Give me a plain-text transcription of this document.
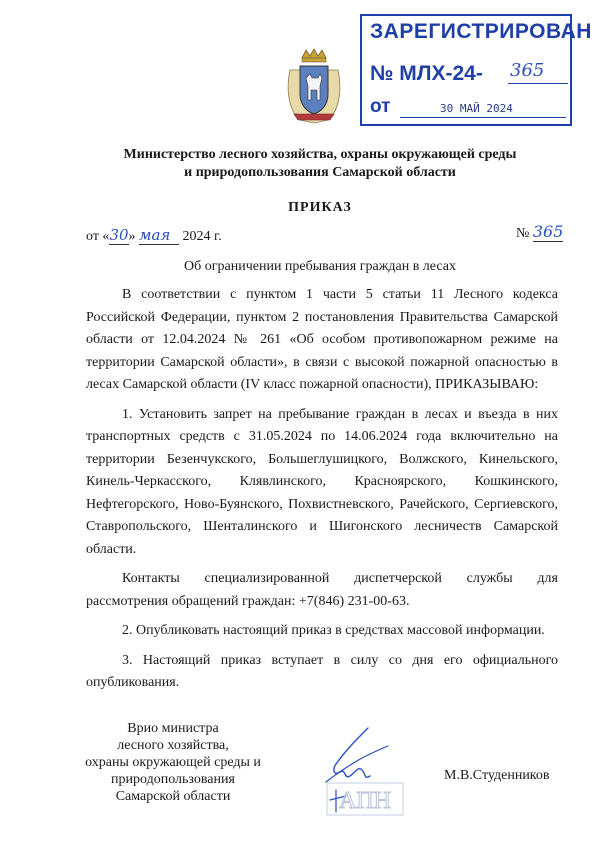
ЗАРЕГИСТРИРОВАН
№ МЛХ-24- 365
от	30 МАЙ 2024
Министерство лесного хозяйства, охраны окружающей среды
и природопользования Самарской области
ПРИКАЗ
от «30» мая 2024 г.	№ 365
Об ограничении пребывания граждан в лесах

В соответствии с пунктом 1 части 5 статьи 11 Лесного кодекса Российской Федерации, пунктом 2 постановления Правительства Самарской области от 12.04.2024 № 261 «Об особом противопожарном режиме на территории Самарской области», в связи с высокой пожарной опасностью в лесах Самарской области (IV класс пожарной опасности), ПРИКАЗЫВАЮ:

1. Установить запрет на пребывание граждан в лесах и въезда в них транспортных средств с 31.05.2024 по 14.06.2024 года включительно на территории Безенчукского, Большеглушицкого, Волжского, Кинельского, Кинель-Черкасского, Клявлинского, Красноярского, Кошкинского, Нефтегорского, Ново-Буянского, Похвистневского, Рачейского, Сергиевского, Ставропольского, Шенталинского и Шигонского лесничеств Самарской области.

Контакты специализированной диспетчерской службы для рассмотрения обращений граждан: +7(846) 231-00-63.

2. Опубликовать настоящий приказ в средствах массовой информации.

3. Настоящий приказ вступает в силу со дня его официального опубликования.

Врио министра
лесного хозяйства,
охраны окружающей среды и
природопользования
Самарской области	АПН
М.В.Студенников
